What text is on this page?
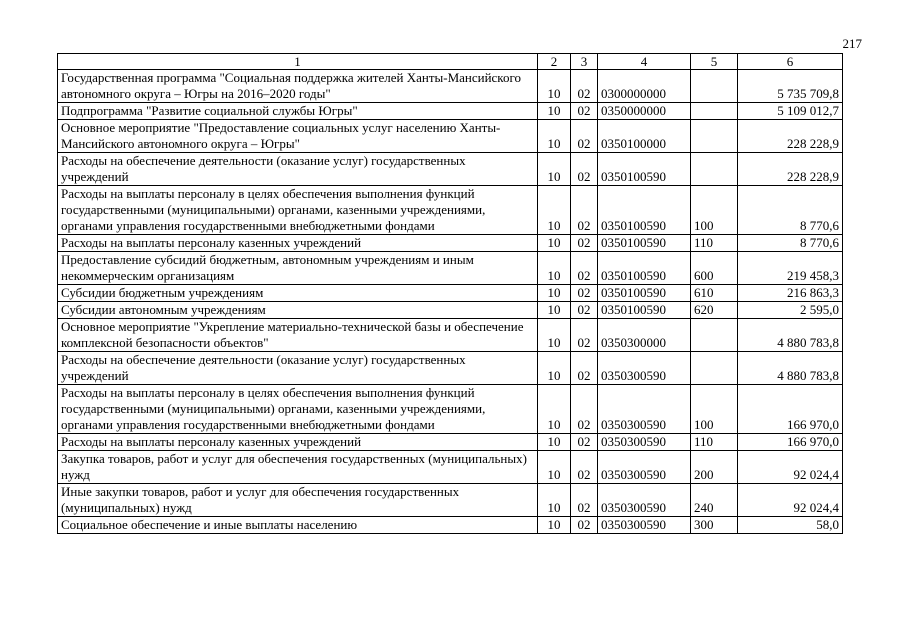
217
1	2	3	4	5	6
Государственная программа "Социальная поддержка жителей Ханты-Мансийского автономного округа – Югры на 2016–2020 годы"	10	02	0300000000		5 735 709,8
Подпрограмма "Развитие социальной службы Югры"	10	02	0350000000		5 109 012,7
Основное мероприятие "Предоставление социальных услуг населению Ханты-Мансийского автономного округа – Югры"	10	02	0350100000		228 228,9
Расходы на обеспечение деятельности (оказание услуг) государственных учреждений	10	02	0350100590		228 228,9
Расходы на выплаты персоналу в целях обеспечения выполнения функций государственными (муниципальными) органами, казенными учреждениями, органами управления государственными внебюджетными фондами	10	02	0350100590	100	8 770,6
Расходы на выплаты персоналу казенных учреждений	10	02	0350100590	110	8 770,6
Предоставление субсидий бюджетным, автономным учреждениям и иным некоммерческим организациям	10	02	0350100590	600	219 458,3
Субсидии бюджетным учреждениям	10	02	0350100590	610	216 863,3
Субсидии автономным учреждениям	10	02	0350100590	620	2 595,0
Основное мероприятие "Укрепление материально-технической базы и обеспечение комплексной безопасности объектов"	10	02	0350300000		4 880 783,8
Расходы на обеспечение деятельности (оказание услуг) государственных учреждений	10	02	0350300590		4 880 783,8
Расходы на выплаты персоналу в целях обеспечения выполнения функций государственными (муниципальными) органами, казенными учреждениями, органами управления государственными внебюджетными фондами	10	02	0350300590	100	166 970,0
Расходы на выплаты персоналу казенных учреждений	10	02	0350300590	110	166 970,0
Закупка товаров, работ и услуг для обеспечения государственных (муниципальных) нужд	10	02	0350300590	200	92 024,4
Иные закупки товаров, работ и услуг для обеспечения государственных (муниципальных) нужд	10	02	0350300590	240	92 024,4
Социальное обеспечение и иные выплаты населению	10	02	0350300590	300	58,0
